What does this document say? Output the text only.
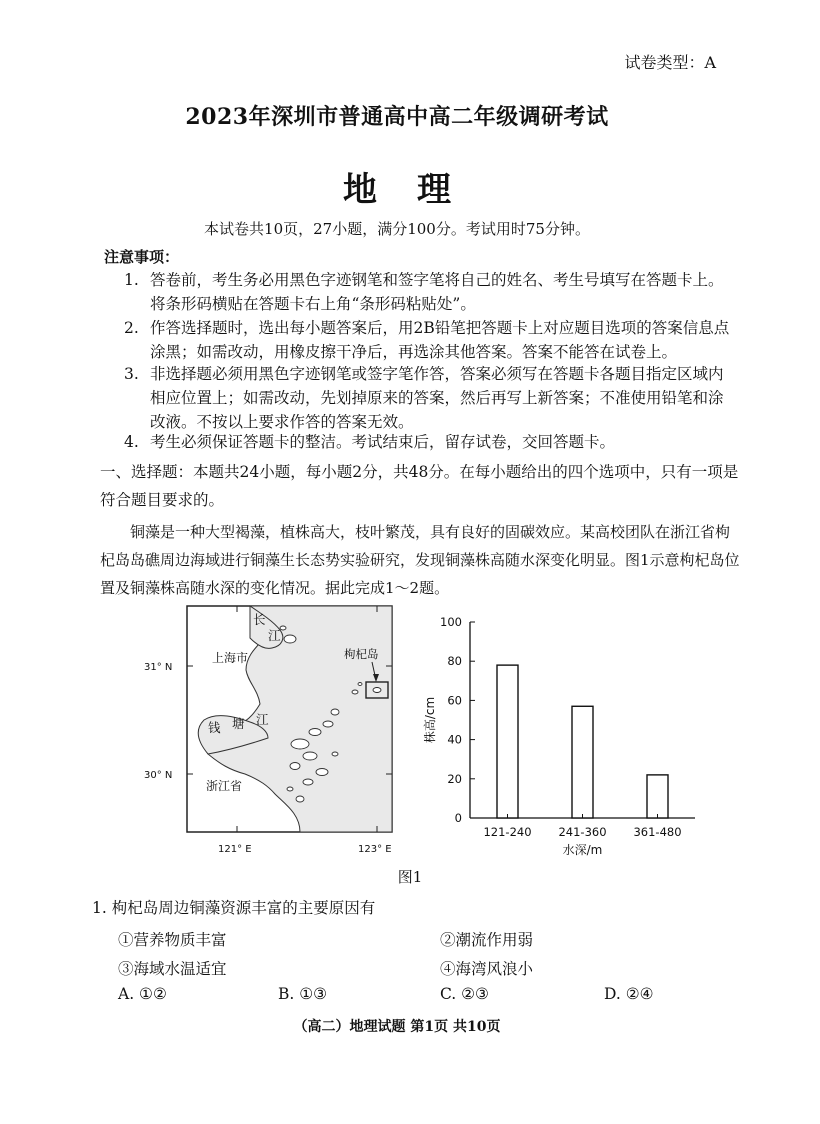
试卷类型：A
2023年深圳市普通高中高二年级调研考试
地理
本试卷共10页，27小题，满分100分。考试用时75分钟。
注意事项：
1. 答卷前，考生务必用黑色字迹钢笔和签字笔将自己的姓名、考生号填写在答题卡上。将条形码横贴在答题卡右上角“条形码粘贴处”。
2. 作答选择题时，选出每小题答案后，用2B铅笔把答题卡上对应题目选项的答案信息点涂黑；如需改动，用橡皮擦干净后，再选涂其他答案。答案不能答在试卷上。
3. 非选择题必须用黑色字迹钢笔或签字笔作答，答案必须写在答题卡各题目指定区域内相应位置上；如需改动，先划掉原来的答案，然后再写上新答案；不准使用铅笔和涂改液。不按以上要求作答的答案无效。
4. 考生必须保证答题卡的整洁。考试结束后，留存试卷，交回答题卡。
一、选择题：本题共24小题，每小题2分，共48分。在每小题给出的四个选项中，只有一项是符合题目要求的。
铜藻是一种大型褐藻，植株高大，枝叶繁茂，具有良好的固碳效应。某高校团队在浙江省枸杞岛岛礁周边海域进行铜藻生长态势实验研究，发现铜藻株高随水深变化明显。图1示意枸杞岛位置及铜藻株高随水深的变化情况。据此完成1～2题。
上海市
浙江省
枸杞岛
长
江
钱 塘 江
31° N
30° N
121° E	123° E
株高/cm
水深/m
0
20
40
60
80
100
121-240 241-360 361-480
图1
1. 枸杞岛周边铜藻资源丰富的主要原因有
①营养物质丰富	②潮流作用弱
③海域水温适宜	④海湾风浪小
A. ①②	B. ①③	C. ②③	D. ②④
（高二）地理试题 第1页 共10页
